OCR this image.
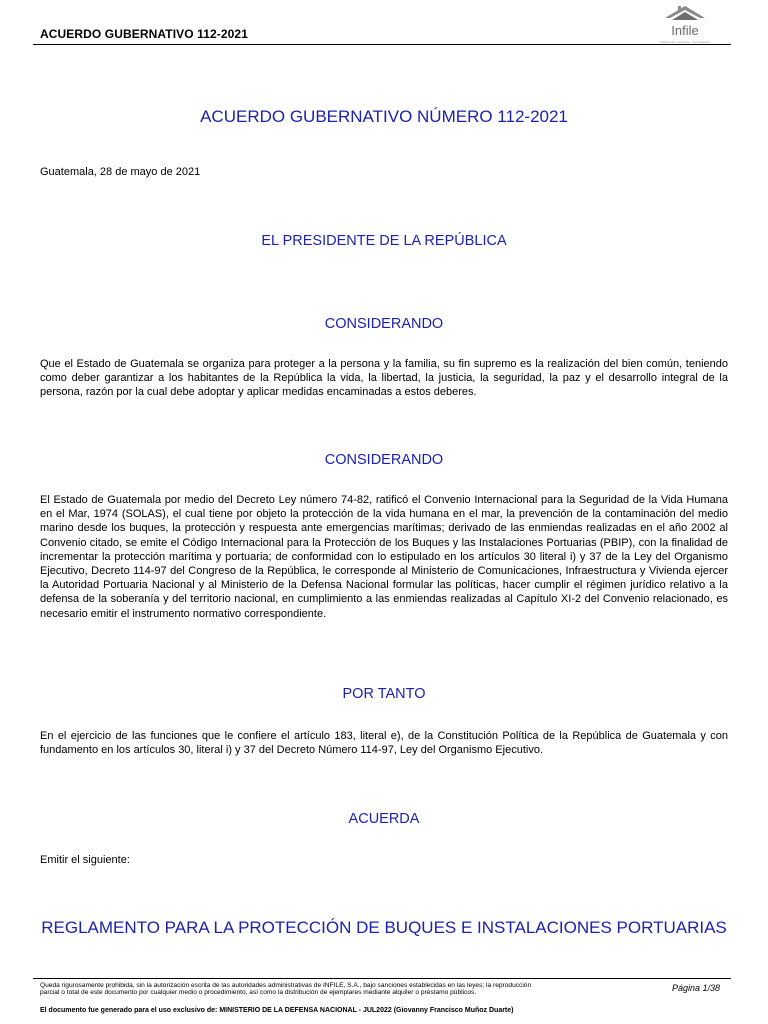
ACUERDO GUBERNATIVO 112-2021	Infile
Soluciones · Jurídicas · Tecnológicas
ACUERDO GUBERNATIVO NÚMERO 112-2021
Guatemala, 28 de mayo de 2021
EL PRESIDENTE DE LA REPÚBLICA
CONSIDERANDO
Que el Estado de Guatemala se organiza para proteger a la persona y la familia, su fin supremo es la realización del bien común, teniendo como deber garantizar a los habitantes de la República la vida, la libertad, la justicia, la seguridad, la paz y el desarrollo integral de la persona, razón por la cual debe adoptar y aplicar medidas encaminadas a estos deberes.
CONSIDERANDO
El Estado de Guatemala por medio del Decreto Ley número 74-82, ratificó el Convenio Internacional para la Seguridad de la Vida Humana en el Mar, 1974 (SOLAS), el cual tiene por objeto la protección de la vida humana en el mar, la prevención de la contaminación del medio marino desde los buques, la protección y respuesta ante emergencias marítimas; derivado de las enmiendas realizadas en el año 2002 al Convenio citado, se emite el Código Internacional para la Protección de los Buques y las Instalaciones Portuarias (PBIP), con la finalidad de incrementar la protección marítima y portuaria; de conformidad con lo estipulado en los artículos 30 literal i) y 37 de la Ley del Organismo Ejecutivo, Decreto 114-97 del Congreso de la República, le corresponde al Ministerio de Comunicaciones, Infraestructura y Vivienda ejercer la Autoridad Portuaria Nacional y al Ministerio de la Defensa Nacional formular las políticas, hacer cumplir el régimen jurídico relativo a la defensa de la soberanía y del territorio nacional, en cumplimiento a las enmiendas realizadas al Capítulo XI-2 del Convenio relacionado, es necesario emitir el instrumento normativo correspondiente.
POR TANTO
En el ejercicio de las funciones que le confiere el artículo 183, literal e), de la Constitución Política de la República de Guatemala y con fundamento en los artículos 30, literal i) y 37 del Decreto Número 114-97, Ley del Organismo Ejecutivo.
ACUERDA
Emitir el siguiente:
REGLAMENTO PARA LA PROTECCIÓN DE BUQUES E INSTALACIONES PORTUARIAS
Queda rigurosamente prohibida, sin la autorización escrita de las autoridades administrativas de INFILE, S.A., bajo sanciones establecidas en las leyes; la reproducción parcial o total de este documento por cualquier medio o procedimiento, así como la distribución de ejemplares mediante alquiler o préstamo públicos.	Página 1/38
El documento fue generado para el uso exclusivo de: MINISTERIO DE LA DEFENSA NACIONAL - JUL2022 (Giovanny Francisco Muñoz Duarte)
